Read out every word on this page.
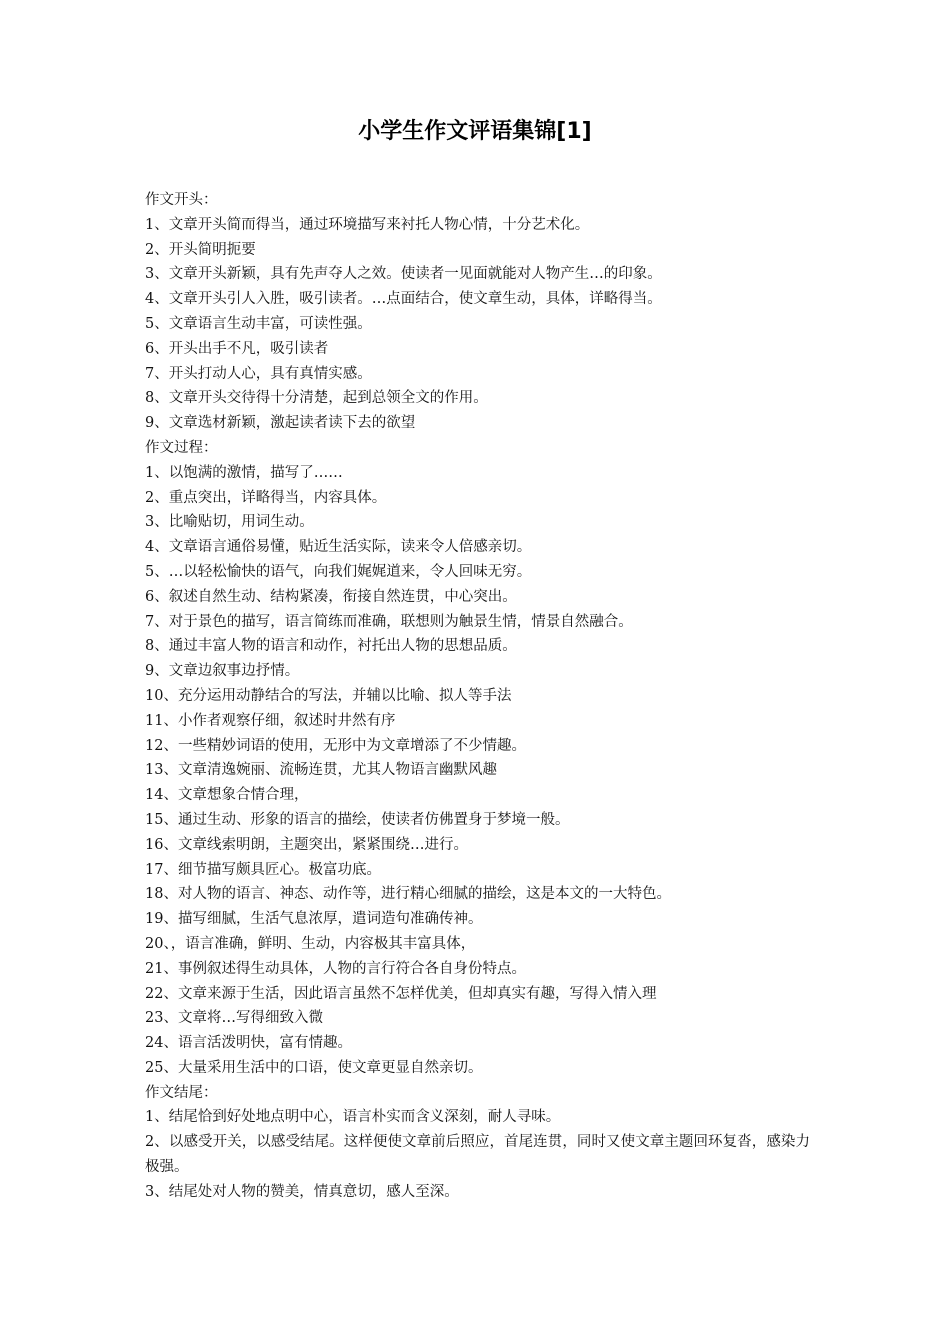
小学生作文评语集锦[1]
作文开头：
1、文章开头简而得当，通过环境描写来衬托人物心情，十分艺术化。
2、开头简明扼要
3、文章开头新颖，具有先声夺人之效。使读者一见面就能对人物产生…的印象。
4、文章开头引人入胜，吸引读者。…点面结合，使文章生动，具体，详略得当。
5、文章语言生动丰富，可读性强。
6、开头出手不凡，吸引读者
7、开头打动人心，具有真情实感。
8、文章开头交待得十分清楚，起到总领全文的作用。
9、文章选材新颖，激起读者读下去的欲望
作文过程：
1、以饱满的激情，描写了……
2、重点突出，详略得当，内容具体。
3、比喻贴切，用词生动。
4、文章语言通俗易懂，贴近生活实际，读来令人倍感亲切。
5、…以轻松愉快的语气，向我们娓娓道来，令人回味无穷。
6、叙述自然生动、结构紧凑，衔接自然连贯，中心突出。
7、对于景色的描写，语言简练而准确，联想则为触景生情，情景自然融合。
8、通过丰富人物的语言和动作，衬托出人物的思想品质。
9、文章边叙事边抒情。
10、充分运用动静结合的写法，并辅以比喻、拟人等手法
11、小作者观察仔细，叙述时井然有序
12、一些精妙词语的使用，无形中为文章增添了不少情趣。
13、文章清逸婉丽、流畅连贯，尤其人物语言幽默风趣
14、文章想象合情合理，
15、通过生动、形象的语言的描绘，使读者仿佛置身于梦境一般。
16、文章线索明朗，主题突出，紧紧围绕…进行。
17、细节描写颇具匠心。极富功底。
18、对人物的语言、神态、动作等，进行精心细腻的描绘，这是本文的一大特色。
19、描写细腻，生活气息浓厚，遣词造句准确传神。
20、，语言准确，鲜明、生动，内容极其丰富具体，
21、事例叙述得生动具体，人物的言行符合各自身份特点。
22、文章来源于生活，因此语言虽然不怎样优美，但却真实有趣，写得入情入理
23、文章将…写得细致入微
24、语言活泼明快，富有情趣。
25、大量采用生活中的口语，使文章更显自然亲切。
作文结尾：
1、结尾恰到好处地点明中心，语言朴实而含义深刻，耐人寻味。
2、以感受开关，以感受结尾。这样便使文章前后照应，首尾连贯，同时又使文章主题回环复沓，感染力极强。
3、结尾处对人物的赞美，情真意切，感人至深。
